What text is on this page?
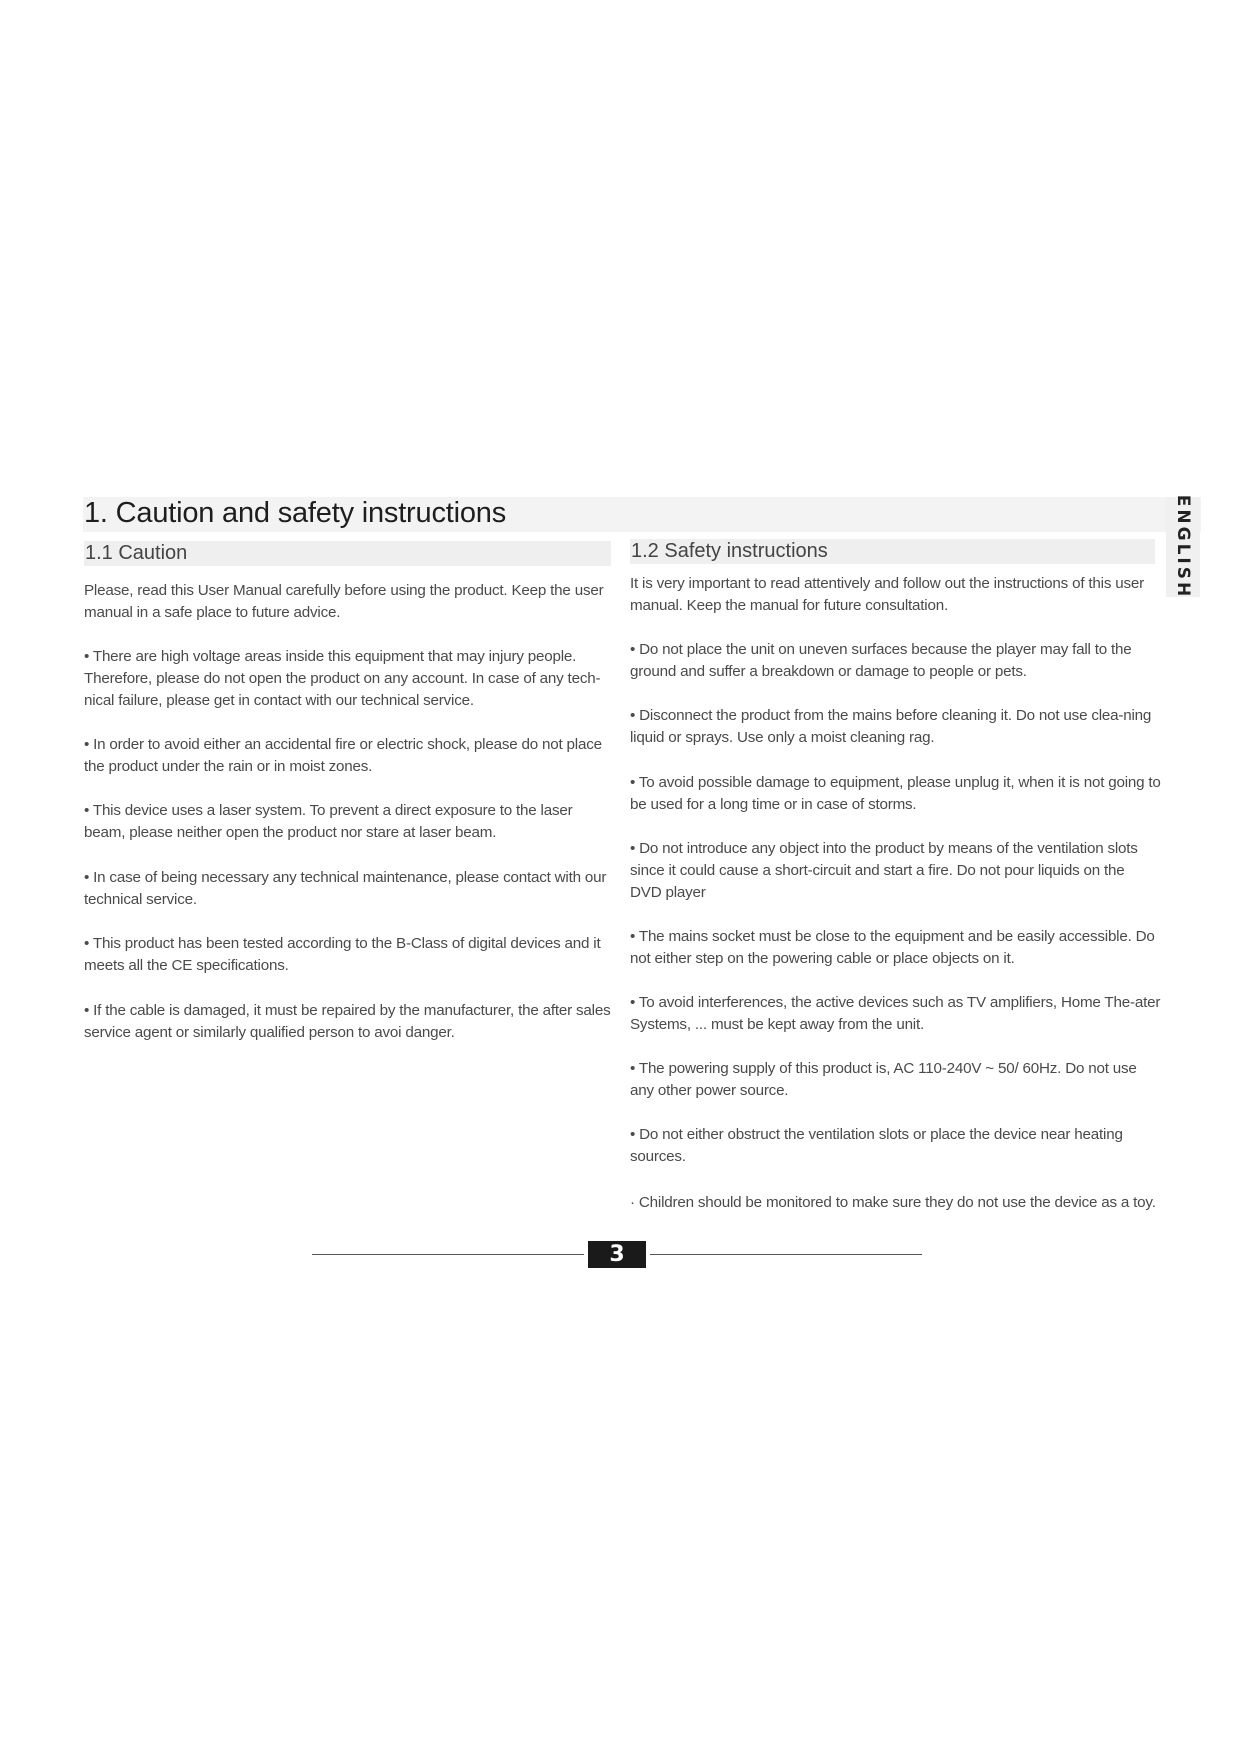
1. Caution and safety instructions	ENGLISH
1.1 Caution

Please, read this User Manual carefully before using the product. Keep the user manual in a safe place to future advice.

• There are high voltage areas inside this equipment that may injury people. Therefore, please do not open the product on any account. In case of any tech-nical failure, please get in contact with our technical service.

• In order to avoid either an accidental fire or electric shock, please do not place the product under the rain or in moist zones.

• This device uses a laser system. To prevent a direct exposure to the laser beam, please neither open the product nor stare at laser beam.

• In case of being necessary any technical maintenance, please contact with our technical service.

• This product has been tested according to the B-Class of digital devices and it meets all the CE specifications.

• If the cable is damaged, it must be repaired by the manufacturer, the after sales service agent or similarly qualified person to avoi danger.

1.2 Safety instructions

It is very important to read attentively and follow out the instructions of this user manual. Keep the manual for future consultation.

• Do not place the unit on uneven surfaces because the player may fall to the ground and suffer a breakdown or damage to people or pets.

• Disconnect the product from the mains before cleaning it. Do not use clea-ning liquid or sprays. Use only a moist cleaning rag.

• To avoid possible damage to equipment, please unplug it, when it is not going to be used for a long time or in case of storms.

• Do not introduce any object into the product by means of the ventilation slots since it could cause a short-circuit and start a fire. Do not pour liquids on the DVD player

• The mains socket must be close to the equipment and be easily accessible. Do not either step on the powering cable or place objects on it.

• To avoid interferences, the active devices such as TV amplifiers, Home The-ater Systems, ... must be kept away from the unit.

• The powering supply of this product is, AC 110-240V ~ 50/ 60Hz. Do not use any other power source.

• Do not either obstruct the ventilation slots or place the device near heating sources.

· Children should be monitored to make sure they do not use the device as a toy.

3
